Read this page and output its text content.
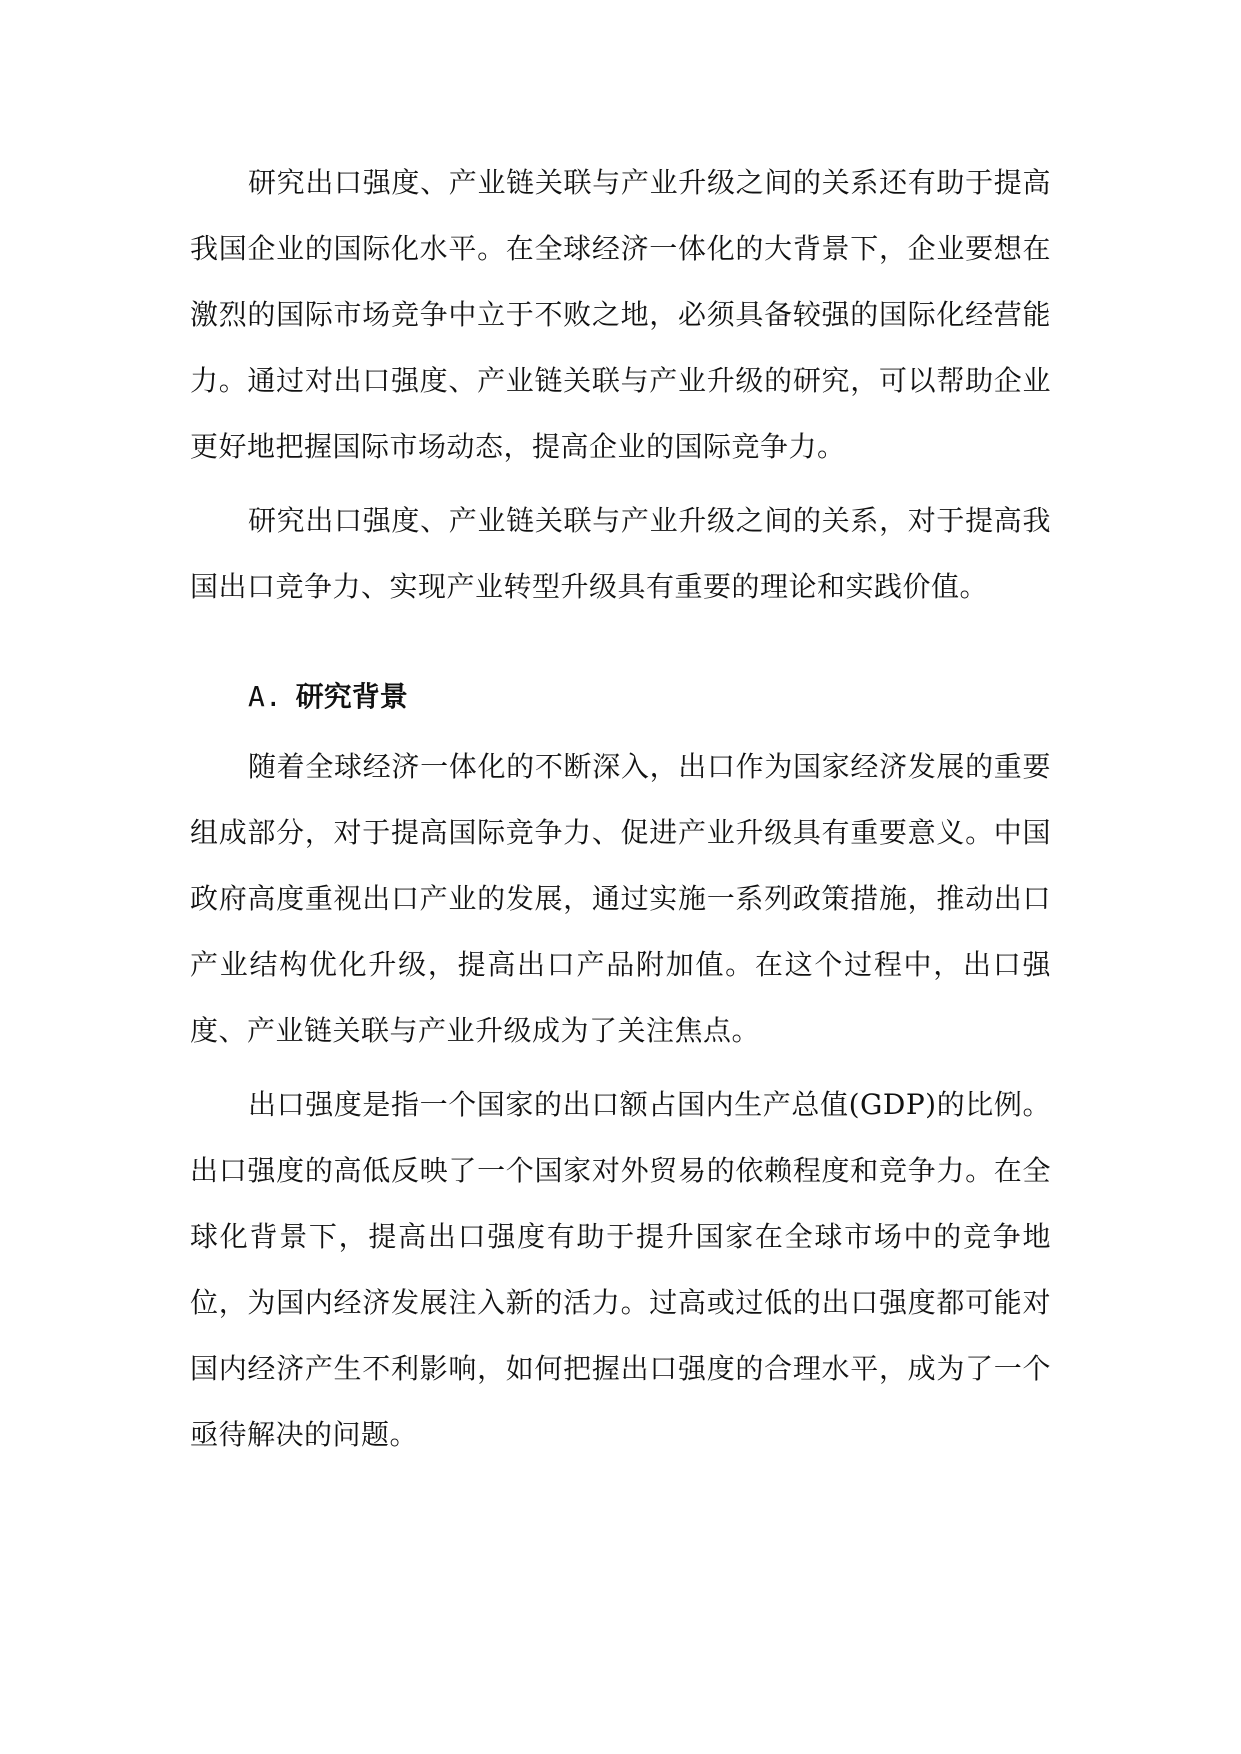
研究出口强度、产业链关联与产业升级之间的关系还有助于提高我国企业的国际化水平。在全球经济一体化的大背景下，企业要想在激烈的国际市场竞争中立于不败之地，必须具备较强的国际化经营能力。通过对出口强度、产业链关联与产业升级的研究，可以帮助企业更好地把握国际市场动态，提高企业的国际竞争力。

研究出口强度、产业链关联与产业升级之间的关系，对于提高我国出口竞争力、实现产业转型升级具有重要的理论和实践价值。

A. 研究背景

随着全球经济一体化的不断深入，出口作为国家经济发展的重要组成部分，对于提高国际竞争力、促进产业升级具有重要意义。中国政府高度重视出口产业的发展，通过实施一系列政策措施，推动出口产业结构优化升级，提高出口产品附加值。在这个过程中，出口强度、产业链关联与产业升级成为了关注焦点。

出口强度是指一个国家的出口额占国内生产总值(GDP)的比例。出口强度的高低反映了一个国家对外贸易的依赖程度和竞争力。在全球化背景下，提高出口强度有助于提升国家在全球市场中的竞争地位，为国内经济发展注入新的活力。过高或过低的出口强度都可能对国内经济产生不利影响，如何把握出口强度的合理水平，成为了一个亟待解决的问题。
